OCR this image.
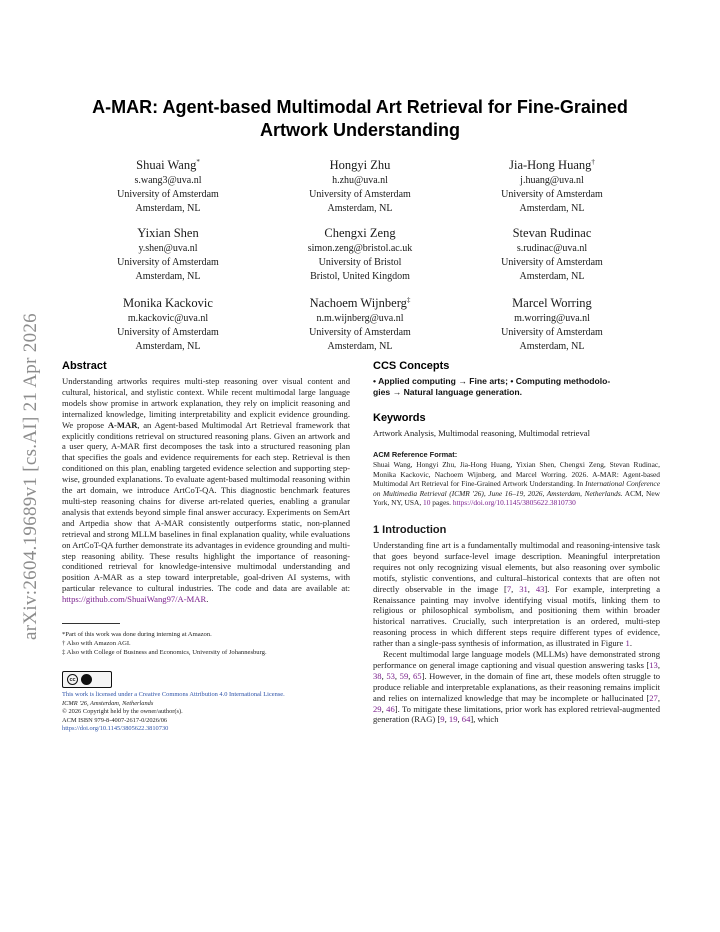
arXiv:2604.19689v1 [cs.AI] 21 Apr 2026
A-MAR: Agent-based Multimodal Art Retrieval for Fine-Grained
Artwork Understanding
Shuai Wang*
s.wang3@uva.nl
University of Amsterdam
Amsterdam, NL
Hongyi Zhu
h.zhu@uva.nl
University of Amsterdam
Amsterdam, NL
Jia-Hong Huang†
j.huang@uva.nl
University of Amsterdam
Amsterdam, NL
Yixian Shen
y.shen@uva.nl
University of Amsterdam
Amsterdam, NL
Chengxi Zeng
simon.zeng@bristol.ac.uk
University of Bristol
Bristol, United Kingdom
Stevan Rudinac
s.rudinac@uva.nl
University of Amsterdam
Amsterdam, NL
Monika Kackovic
m.kackovic@uva.nl
University of Amsterdam
Amsterdam, NL
Nachoem Wijnberg‡
n.m.wijnberg@uva.nl
University of Amsterdam
Amsterdam, NL
Marcel Worring
m.worring@uva.nl
University of Amsterdam
Amsterdam, NL
Abstract

Understanding artworks requires multi-step reasoning over visual content and cultural, historical, and stylistic context. While recent multimodal large language models show promise in artwork explanation, they rely on implicit reasoning and internalized knowledge, limiting interpretability and explicit evidence grounding. We propose A-MAR, an Agent-based Multimodal Art Retrieval framework that explicitly conditions retrieval on structured reasoning plans. Given an artwork and a user query, A-MAR first decomposes the task into a structured reasoning plan that specifies the goals and evidence requirements for each step. Retrieval is then conditioned on this plan, enabling targeted evidence selection and supporting step-wise, grounded explanations. To evaluate agent-based multimodal reasoning within the art domain, we introduce ArtCoT-QA. This diagnostic benchmark features multi-step reasoning chains for diverse art-related queries, enabling a granular analysis that extends beyond simple final answer accuracy. Experiments on SemArt and Artpedia show that A-MAR consistently outperforms static, non-planned retrieval and strong MLLM baselines in final explanation quality, while evaluations on ArtCoT-QA further demonstrate its advantages in evidence grounding and multi-step reasoning ability. These results highlight the importance of reasoning-conditioned retrieval for knowledge-intensive multimodal understanding and position A-MAR as a step toward interpretable, goal-driven AI systems, with particular relevance to cultural industries. The code and data are available at: https://github.com/ShuaiWang97/A-MAR.

*Part of this work was done during interning at Amazon.
† Also with Amazon AGI.
‡ Also with College of Business and Economics, University of Johannesburg.
cc
This work is licensed under a Creative Commons Attribution 4.0 International License.
ICMR '26, Amsterdam, Netherlands
© 2026 Copyright held by the owner/author(s).
ACM ISBN 979-8-4007-2617-0/2026/06
https://doi.org/10.1145/3805622.3810730
CCS Concepts
• Applied computing → Fine arts; • Computing methodolo-
gies → Natural language generation.
Keywords
Artwork Analysis, Multimodal reasoning, Multimodal retrieval
ACM Reference Format:

Shuai Wang, Hongyi Zhu, Jia-Hong Huang, Yixian Shen, Chengxi Zeng, Stevan Rudinac, Monika Kackovic, Nachoem Wijnberg, and Marcel Worring. 2026. A-MAR: Agent-based Multimodal Art Retrieval for Fine-Grained Artwork Understanding. In International Conference on Multimedia Retrieval (ICMR '26), June 16–19, 2026, Amsterdam, Netherlands. ACM, New York, NY, USA, 10 pages. https://doi.org/10.1145/3805622.3810730

1 Introduction

Understanding fine art is a fundamentally multimodal and reasoning-intensive task that goes beyond surface-level image description. Meaningful interpretation requires not only recognizing visual elements, but also reasoning over symbolic motifs, stylistic conventions, and cultural–historical contexts that are often not directly observable in the image [7, 31, 43]. For example, interpreting a Renaissance painting may involve identifying visual motifs, linking them to religious or philosophical symbolism, and positioning them within broader historical narratives. Crucially, such interpretation is an ordered, multi-step reasoning process in which different steps require different types of evidence, rather than a single-pass synthesis of information, as illustrated in Figure 1.

Recent multimodal large language models (MLLMs) have demonstrated strong performance on general image captioning and visual question answering tasks [13, 38, 53, 59, 65]. However, in the domain of fine art, these models often struggle to produce reliable and interpretable explanations, as their reasoning remains implicit and relies on internalized knowledge that may be incomplete or hallucinated [27, 29, 46]. To mitigate these limitations, prior work has explored retrieval-augmented generation (RAG) [9, 19, 64], which
